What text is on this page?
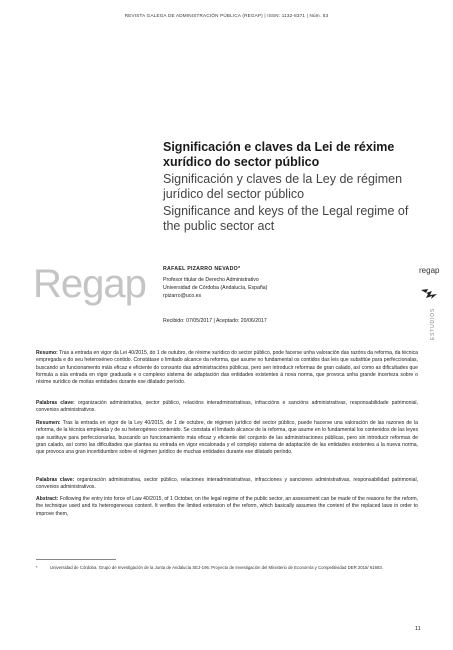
REVISTA GALEGA DE ADMINISTRACIÓN PÚBLICA (REGAP) | ISSN: 1132-8371 | Núm. 53
Significación e claves da Lei de réxime xurídico do sector público
Significación y claves de la Ley de régimen jurídico del sector público
Significance and keys of the Legal regime of the public sector act
Regap	RAFAEL PIZARRO NEVADO*
Profesor titular de Derecho Administrativo
Universidad de Córdoba (Andalucía, España)
rpizarro@uco.es
Recibido: 07/05/2017 | Aceptado: 20/06/2017
regap
ESTUDIOS
Resumo: Tras a entrada en vigor da Lei 40/2015, do 1 de outubro, de réxime xurídico do sector público, pode facerse unha valoración das razóns da reforma, da técnica empregada e do seu heteroxéneo contido. Constátase o limitado alcance da reforma, que asume no fundamental os contidos das leis que substitúe para perfeccionalas, buscando un funcionamento máis eficaz e eficiente do conxunto das administracións públicas, pero sen introducir reformas de gran calado, así como as dificultades que formula a súa entrada en vigor graduada e o complexo sistema de adaptación das entidades existentes á nova norma, que provoca unha grande incerteza sobre o réxime xurídico de moitas entidades durante ese dilatado período.
Palabras clave: organización administrativa, sector público, relacións interadministrativas, infraccións e sancións administrativas, responsabilidade patrimonial, convenios administrativos.
Resumen: Tras la entrada en vigor de la Ley 40/2015, de 1 de octubre, de régimen jurídico del sector público, puede hacerse una valoración de las razones de la reforma, de la técnica empleada y de su heterogéneo contenido. Se constata el limitado alcance de la reforma, que asume en lo fundamental los contenidos de las leyes que sustituye para perfeccionarlas, buscando un funcionamiento más eficaz y eficiente del conjunto de las administraciones públicas, pero sin introducir reformas de gran calado, así como las dificultades que plantea su entrada en vigor escalonada y el complejo sistema de adaptación de las entidades existentes a la nueva norma, que provoca una gran incertidumbre sobre el régimen jurídico de muchas entidades durante ese dilatado período.
Palabras clave: organización administrativa, sector público, relaciones interadministrativas, infracciones y sanciones administrativas, responsabilidad patrimonial, convenios administrativos.
Abstract: Following the entry into force of Law 40/2015, of 1 October, on the legal regime of the public sector, an assessment can be made of the reasons for the reform, the technique used and its heterogeneous content. It verifies the limited extension of the reform, which basically assumes the content of the replaced laws in order to improve them,
*	Universidad de Córdoba. Grupo de Investigación de la Junta de Andalucía SEJ-196. Proyecto de Investigación del Ministerio de Economía y Competitividad DER 2015/ 61683.
11
